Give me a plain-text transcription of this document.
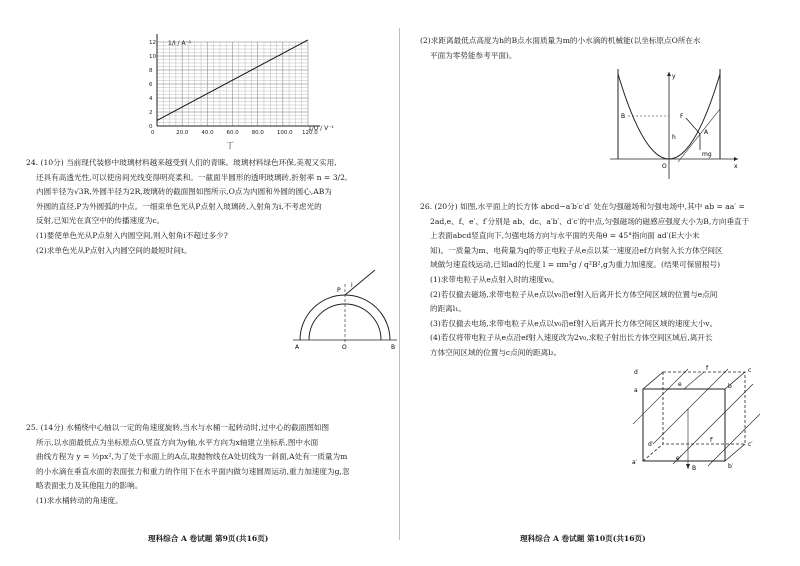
0	20.0 40.0 60.0 80.0 100.0 120.0
0
2
4
6
8
10
12 1/I / A⁻¹
1/U / V⁻¹
丁

24. (10分) 当前现代装修中玻璃材料越来越受到人们的青睐。玻璃材料绿色环保,美观又实用,

还具有高透光性,可以使房间光线变得明亮柔和。一截面半圆形的透明玻璃砖,折射率 n = 3/2,

内圆半径为√3R,外圆半径为2R,玻璃砖的截面图如图所示,O点为内圆和外圆的圆心,AB为

外圆的直径,P为外圆弧的中点。一细束单色光从P点射入玻璃砖,入射角为i,不考虑光的

反射,已知光在真空中的传播速度为c。

(1)要使单色光从P点射入内圆空间,则入射角i不超过多少?

(2)求单色光从P点射入内圆空间的最短时间t。

P
i
A	O	B

25. (14分) 水桶绕中心轴以一定的角速度旋转,当水与水桶一起转动时,过中心的截面图如图

所示,以水面最低点为坐标原点O,竖直方向为y轴,水平方向为x轴建立坐标系,图中水面

曲线方程为 y = ½px²,为了处于水面上的A点,取抛物线在A处切线为一斜面,A处有一质量为m

的小水滴在垂直水面的表面张力和重力的作用下在水平面内做匀速圆周运动,重力加速度为g,忽

略表面张力及其他阻力的影响。

(1)求水桶转动的角速度。

理科综合 A 卷试题 第9页(共16页)

(2)求距离最低点高度为h的B点水面质量为m的小水滴的机械能(以坐标原点O所在水

平面为零势能参考平面)。

y
x
O
B
h
A
F
mg

26. (20分) 如图,水平面上的长方体 abcd−a′b′c′d′ 处在匀强磁场和匀强电场中,其中 ab = aa′ =

2ad,e、f、e′、f′分别是 ab、dc、a′b′、d′c′的中点,匀强磁场的磁感应强度大小为B,方向垂直于

上表面abcd竖直向下,匀强电场方向与水平面的夹角θ = 45°指向面 ad′(E大小未

知)。一质量为m、电荷量为q的带正电粒子从e点以某一速度沿ef方向射入长方体空间区

域做匀速直线运动,已知ad的长度 l = πm²g / q²B²,g为重力加速度。(结果可保留根号)

(1)求带电粒子从e点射入时的速度v₀。

(2)若仅撤去磁场,求带电粒子从e点以v₀沿ef射入后离开长方体空间区域的位置与e点间

的距离l₁。

(3)若仅撤去电场,求带电粒子从e点以v₀沿ef射入后离开长方体空间区域的速度大小v。

(4)若仅将带电粒子从e点沿ef射入速度改为2v₀,求粒子射出长方体空间区域后,离开长

方体空间区域的位置与c点间的距离l₂。

d
a
e
c
b
f
d′
a′
c′
b′
e′
f′
B
理科综合 A 卷试题 第10页(共16页)
